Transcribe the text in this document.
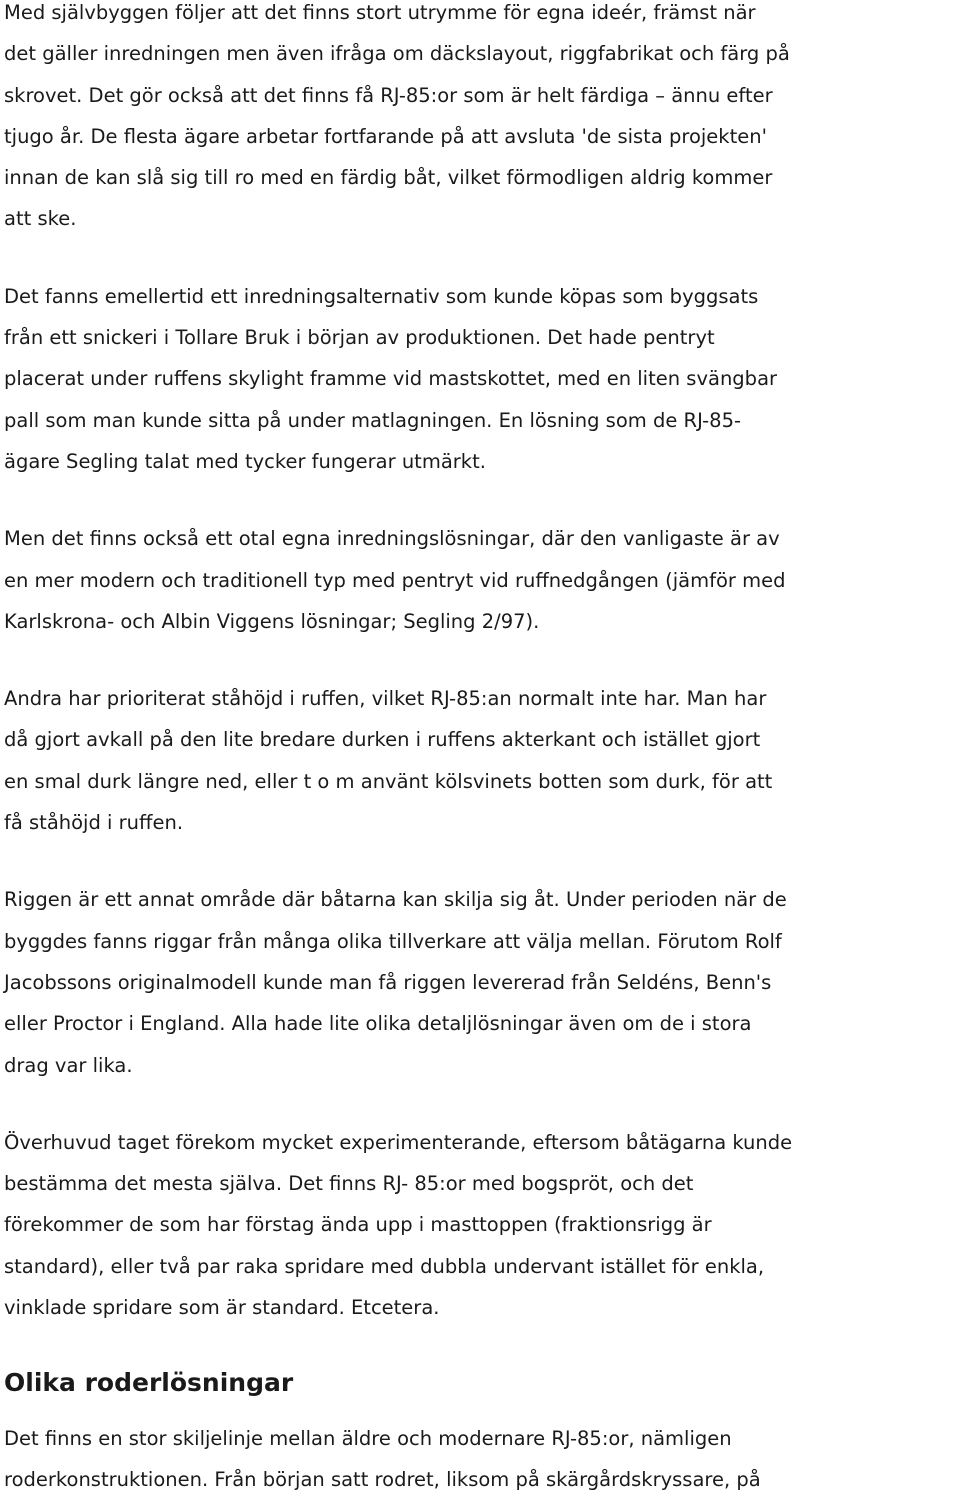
Med självbyggen följer att det finns stort utrymme för egna ideér, främst när
det gäller inredningen men även ifråga om däckslayout, riggfabrikat och färg på
skrovet. Det gör också att det finns få RJ-85:or som är helt färdiga – ännu efter
tjugo år. De flesta ägare arbetar fortfarande på att avsluta 'de sista projekten'
innan de kan slå sig till ro med en färdig båt, vilket förmodligen aldrig kommer
att ske.
Det fanns emellertid ett inredningsalternativ som kunde köpas som byggsats
från ett snickeri i Tollare Bruk i början av produktionen. Det hade pentryt
placerat under ruffens skylight framme vid mastskottet, med en liten svängbar
pall som man kunde sitta på under matlagningen. En lösning som de RJ-85-
ägare Segling talat med tycker fungerar utmärkt.
Men det finns också ett otal egna inredningslösningar, där den vanligaste är av
en mer modern och traditionell typ med pentryt vid ruffnedgången (jämför med
Karlskrona- och Albin Viggens lösningar; Segling 2/97).
Andra har prioriterat ståhöjd i ruffen, vilket RJ-85:an normalt inte har. Man har
då gjort avkall på den lite bredare durken i ruffens akterkant och istället gjort
en smal durk längre ned, eller t o m använt kölsvinets botten som durk, för att
få ståhöjd i ruffen.
Riggen är ett annat område där båtarna kan skilja sig åt. Under perioden när de
byggdes fanns riggar från många olika tillverkare att välja mellan. Förutom Rolf
Jacobssons originalmodell kunde man få riggen levererad från Seldéns, Benn's
eller Proctor i England. Alla hade lite olika detaljlösningar även om de i stora
drag var lika.
Överhuvud taget förekom mycket experimenterande, eftersom båtägarna kunde
bestämma det mesta själva. Det finns RJ- 85:or med bogspröt, och det
förekommer de som har förstag ända upp i masttoppen (fraktionsrigg är
standard), eller två par raka spridare med dubbla undervant istället för enkla,
vinklade spridare som är standard. Etcetera.
Olika roderlösningar
Det finns en stor skiljelinje mellan äldre och modernare RJ-85:or, nämligen
roderkonstruktionen. Från början satt rodret, liksom på skärgårdskryssare, på
